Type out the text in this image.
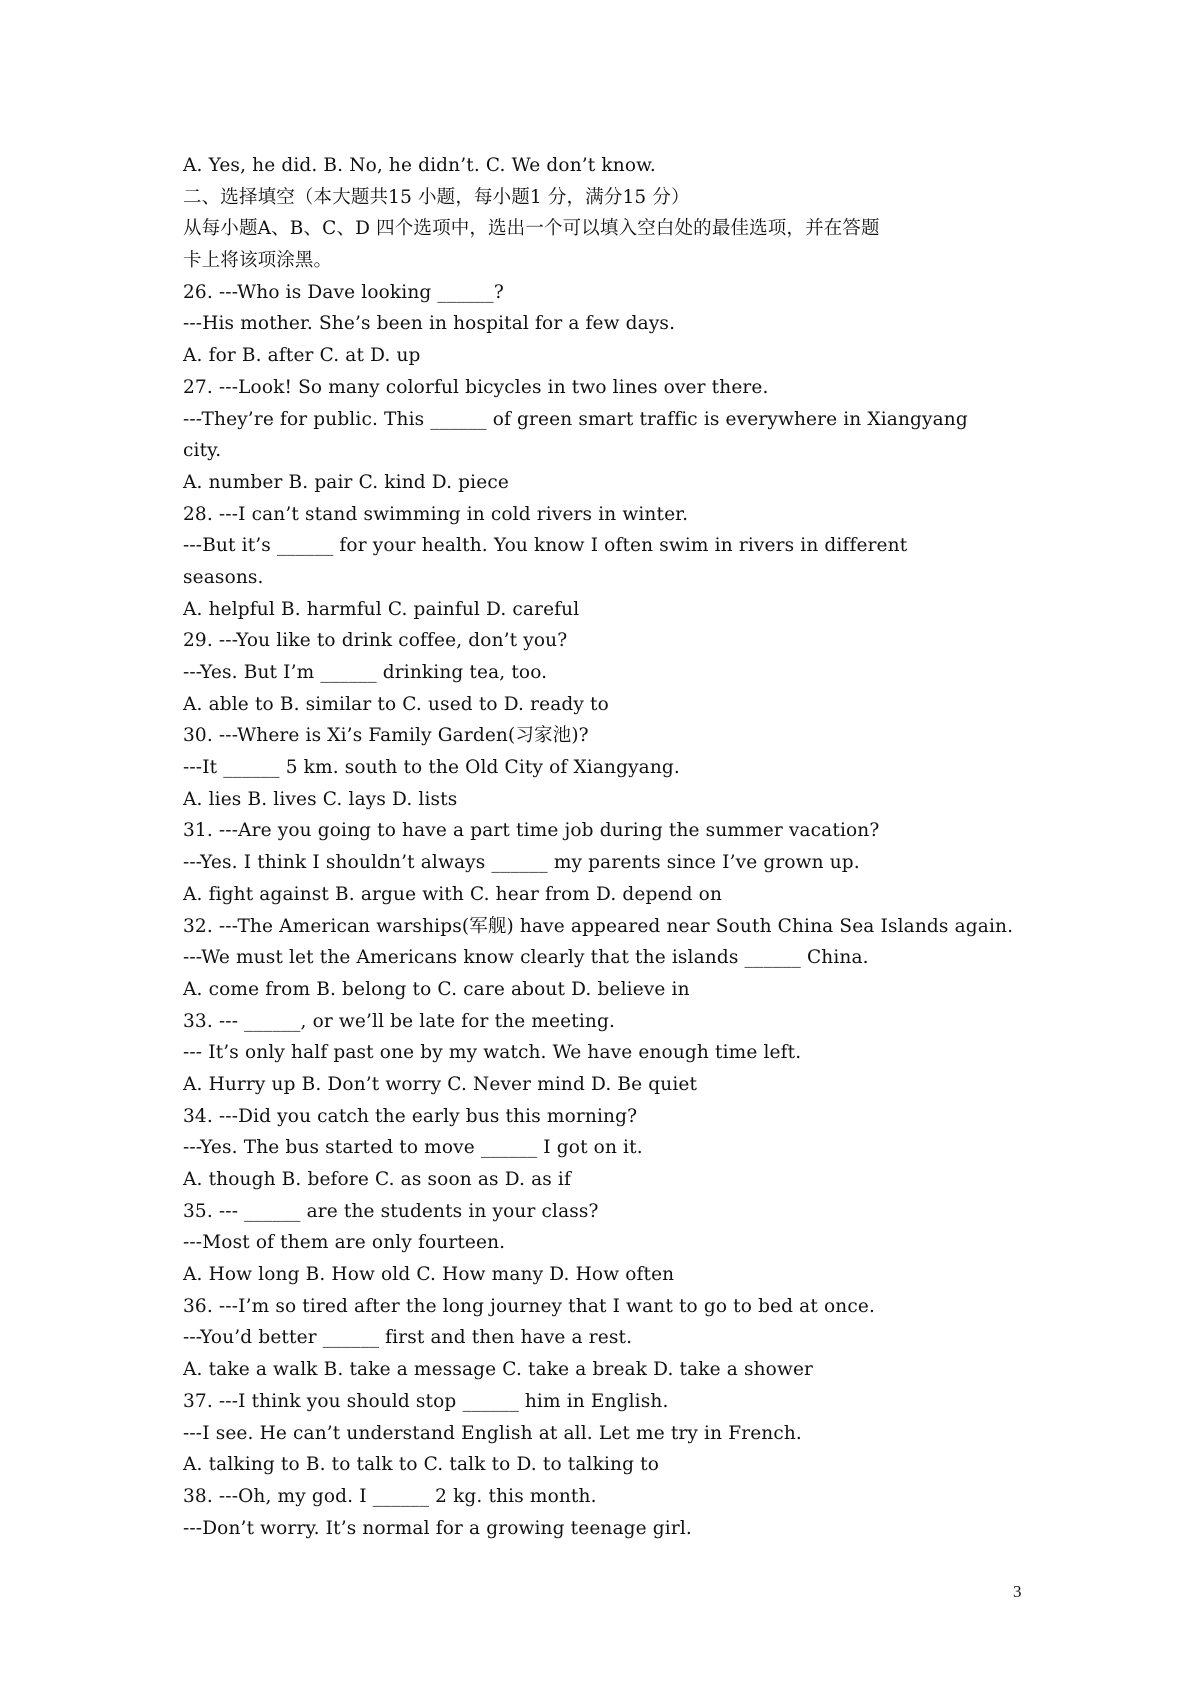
A. Yes, he did. B. No, he didn’t. C. We don’t know.
二、选择填空（本大题共15 小题，每小题1 分，满分15 分）
从每小题A、B、C、D 四个选项中，选出一个可以填入空白处的最佳选项，并在答题
卡上将该项涂黑。
26. ---Who is Dave looking ______?
---His mother. She’s been in hospital for a few days.
A. for B. after C. at D. up
27. ---Look! So many colorful bicycles in two lines over there.
---They’re for public. This ______ of green smart traffic is everywhere in Xiangyang
city.
A. number B. pair C. kind D. piece
28. ---I can’t stand swimming in cold rivers in winter.
---But it’s ______ for your health. You know I often swim in rivers in different
seasons.
A. helpful B. harmful C. painful D. careful
29. ---You like to drink coffee, don’t you?
---Yes. But I’m ______ drinking tea, too.
A. able to B. similar to C. used to D. ready to
30. ---Where is Xi’s Family Garden(习家池)?
---It ______ 5 km. south to the Old City of Xiangyang.
A. lies B. lives C. lays D. lists
31. ---Are you going to have a part time job during the summer vacation?
---Yes. I think I shouldn’t always ______ my parents since I’ve grown up.
A. fight against B. argue with C. hear from D. depend on
32. ---The American warships(军舰) have appeared near South China Sea Islands again.
---We must let the Americans know clearly that the islands ______ China.
A. come from B. belong to C. care about D. believe in
33. --- ______, or we’ll be late for the meeting.
--- It’s only half past one by my watch. We have enough time left.
A. Hurry up B. Don’t worry C. Never mind D. Be quiet
34. ---Did you catch the early bus this morning?
---Yes. The bus started to move ______ I got on it.
A. though B. before C. as soon as D. as if
35. --- ______ are the students in your class?
---Most of them are only fourteen.
A. How long B. How old C. How many D. How often
36. ---I’m so tired after the long journey that I want to go to bed at once.
---You’d better ______ first and then have a rest.
A. take a walk B. take a message C. take a break D. take a shower
37. ---I think you should stop ______ him in English.
---I see. He can’t understand English at all. Let me try in French.
A. talking to B. to talk to C. talk to D. to talking to
38. ---Oh, my god. I ______ 2 kg. this month.
---Don’t worry. It’s normal for a growing teenage girl.
3
